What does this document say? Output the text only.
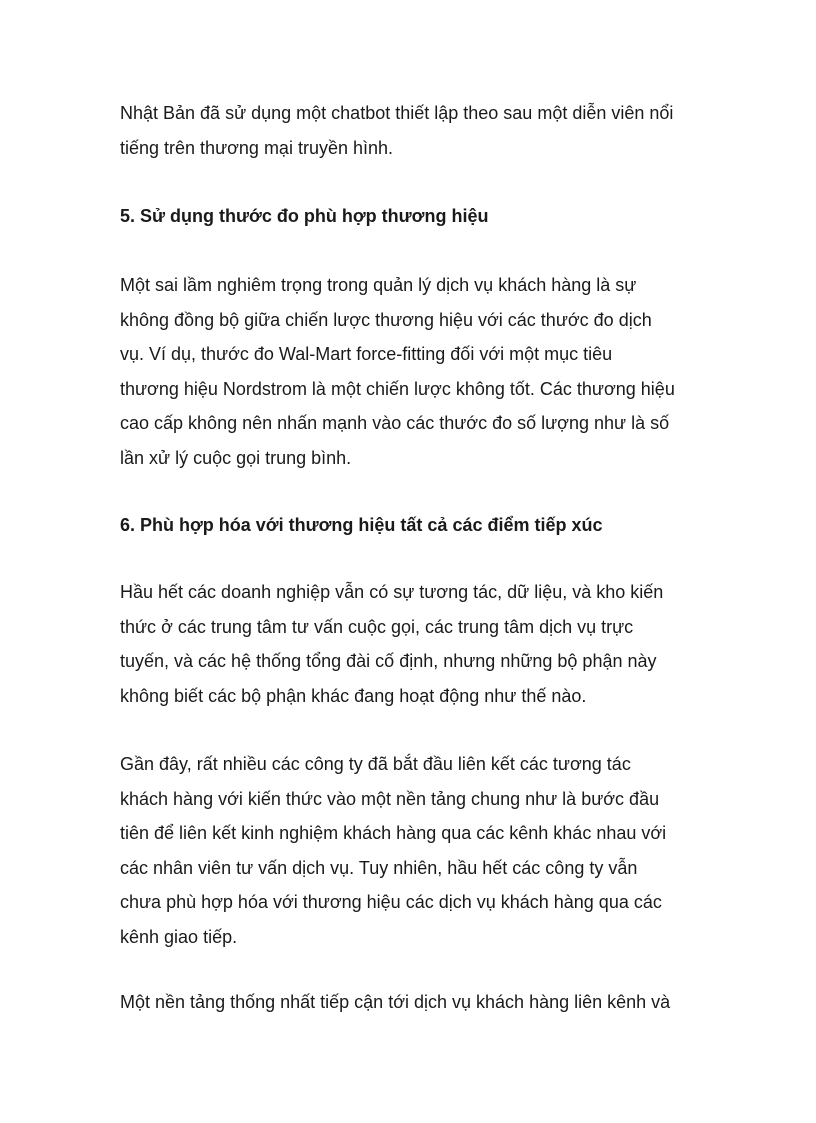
Nhật Bản đã sử dụng một chatbot thiết lập theo sau một diễn viên nổi
tiếng trên thương mại truyền hình.
5. Sử dụng thước đo phù hợp thương hiệu
Một sai lầm nghiêm trọng trong quản lý dịch vụ khách hàng là sự
không đồng bộ giữa chiến lược thương hiệu với các thước đo dịch
vụ. Ví dụ, thước đo Wal-Mart force-fitting đối với một mục tiêu
thương hiệu Nordstrom là một chiến lược không tốt. Các thương hiệu
cao cấp không nên nhấn mạnh vào các thước đo số lượng như là số
lần xử lý cuộc gọi trung bình.
6. Phù hợp hóa với thương hiệu tất cả các điểm tiếp xúc
Hầu hết các doanh nghiệp vẫn có sự tương tác, dữ liệu, và kho kiến
thức ở các trung tâm tư vấn cuộc gọi, các trung tâm dịch vụ trực
tuyến, và các hệ thống tổng đài cố định, nhưng những bộ phận này
không biết các bộ phận khác đang hoạt động như thế nào.
Gần đây, rất nhiều các công ty đã bắt đầu liên kết các tương tác
khách hàng với kiến thức vào một nền tảng chung như là bước đầu
tiên để liên kết kinh nghiệm khách hàng qua các kênh khác nhau với
các nhân viên tư vấn dịch vụ. Tuy nhiên, hầu hết các công ty vẫn
chưa phù hợp hóa với thương hiệu các dịch vụ khách hàng qua các
kênh giao tiếp.
Một nền tảng thống nhất tiếp cận tới dịch vụ khách hàng liên kênh và
